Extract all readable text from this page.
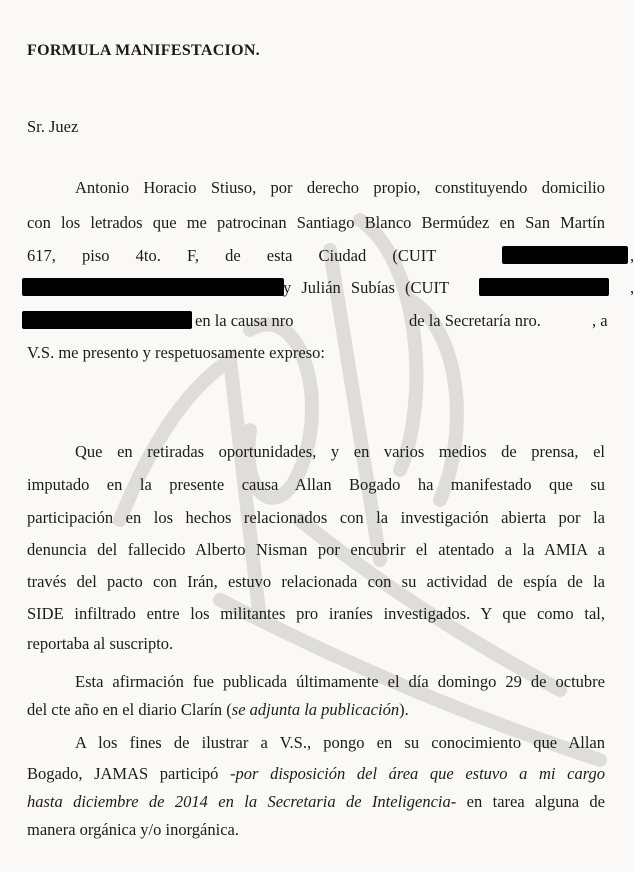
FORMULA MANIFESTACION.
Sr. Juez
Antonio Horacio Stiuso, por derecho propio, constituyendo domicilio
con los letrados que me patrocinan Santiago Blanco Bermúdez en San Martín
617, piso 4to. F, de esta Ciudad (CUIT	,
y Julián Subías (CUIT	,
en la causa nro	de la Secretaría nro.	, a
V.S. me presento y respetuosamente expreso:
Que en retiradas oportunidades, y en varios medios de prensa, el
imputado en la presente causa Allan Bogado ha manifestado que su
participación en los hechos relacionados con la investigación abierta por la
denuncia del fallecido Alberto Nisman por encubrir el atentado a la AMIA a
través del pacto con Irán, estuvo relacionada con su actividad de espía de la
SIDE infiltrado entre los militantes pro iraníes investigados. Y que como tal,
reportaba al suscripto.
Esta afirmación fue publicada últimamente el día domingo 29 de octubre
del cte año en el diario Clarín (se adjunta la publicación).
A los fines de ilustrar a V.S., pongo en su conocimiento que Allan
Bogado, JAMAS participó -por disposición del área que estuvo a mi cargo
hasta diciembre de 2014 en la Secretaria de Inteligencia- en tarea alguna de
manera orgánica y/o inorgánica.
